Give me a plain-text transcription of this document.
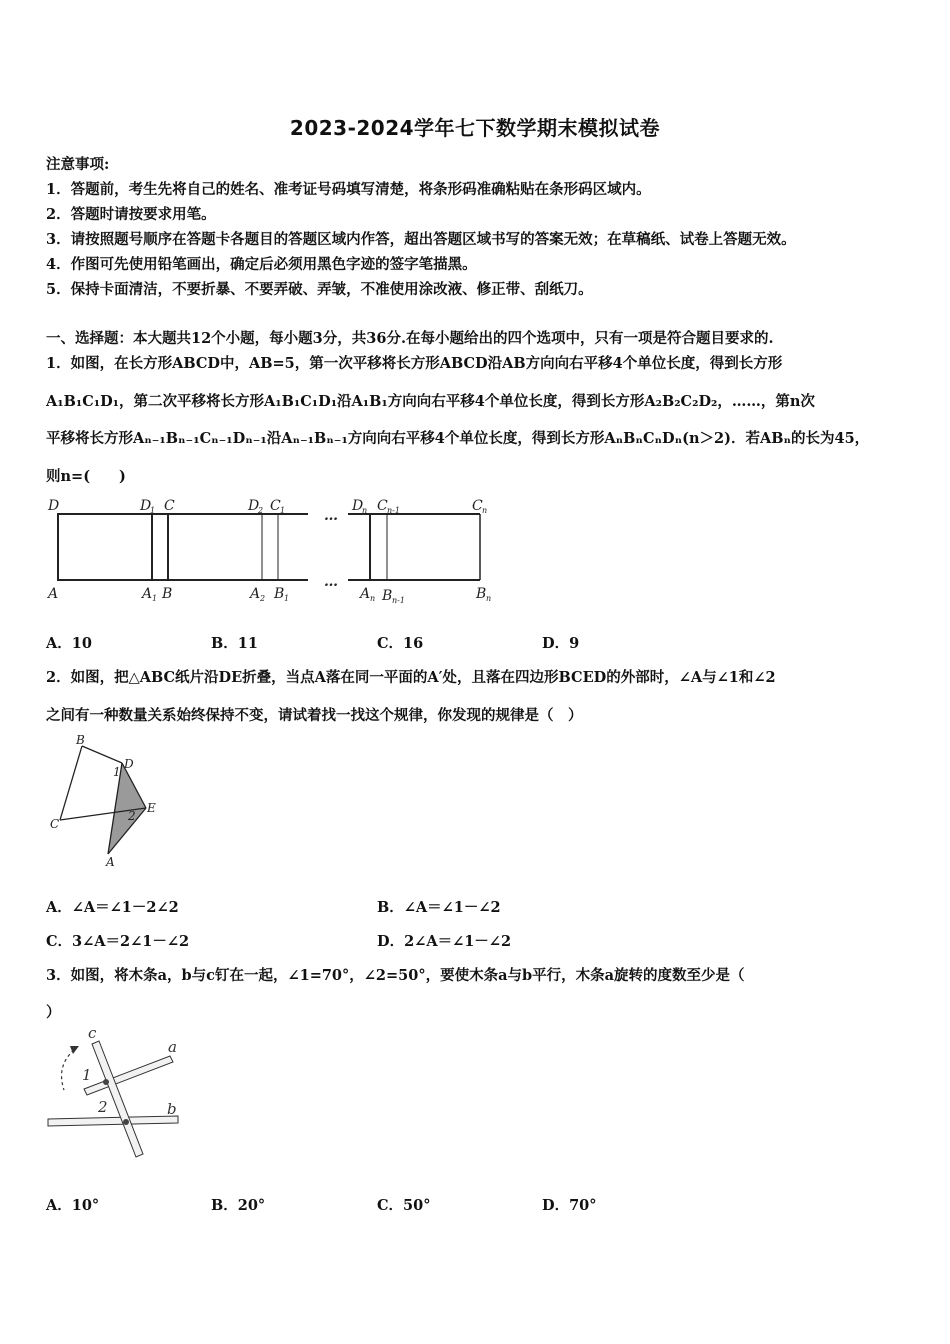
2023-2024学年七下数学期末模拟试卷
注意事项:
1．答题前，考生先将自己的姓名、准考证号码填写清楚，将条形码准确粘贴在条形码区域内。
2．答题时请按要求用笔。
3．请按照题号顺序在答题卡各题目的答题区域内作答，超出答题区域书写的答案无效；在草稿纸、试卷上答题无效。
4．作图可先使用铅笔画出，确定后必须用黑色字迹的签字笔描黑。
5．保持卡面清洁，不要折暴、不要弄破、弄皱，不准使用涂改液、修正带、刮纸刀。
一、选择题：本大题共12个小题，每小题3分，共36分.在每小题给出的四个选项中，只有一项是符合题目要求的.
1．如图，在长方形ABCD中，AB=5，第一次平移将长方形ABCD沿AB方向向右平移4个单位长度，得到长方形
A₁B₁C₁D₁，第二次平移将长方形A₁B₁C₁D₁沿A₁B₁方向向右平移4个单位长度，得到长方形A₂B₂C₂D₂，……，第n次
平移将长方形Aₙ₋₁Bₙ₋₁Cₙ₋₁Dₙ₋₁沿Aₙ₋₁Bₙ₋₁方向向右平移4个单位长度，得到长方形AₙBₙCₙDₙ(n＞2)．若ABₙ的长为45，
则n=(　　)
…
…
D	D C	D C	D C	C
A	A B	A B	A B	B
1	2 1	n n-1	n
1	2 1	n n-1	n
A．10	B．11	C．16	D．9
2．如图，把△ABC纸片沿DE折叠，当点A落在同一平面的A′处，且落在四边形BCED的外部时，∠A与∠1和∠2
之间有一种数量关系始终保持不变，请试着找一找这个规律，你发现的规律是（　）
B
D
1
E
2
C
A
A．∠A＝∠1－2∠2	B．∠A＝∠1－∠2
C．3∠A＝2∠1－∠2	D．2∠A＝∠1－∠2
3．如图，将木条a，b与c钉在一起，∠1=70°，∠2=50°，要使木条a与b平行，木条a旋转的度数至少是（
）
c
a
1
2	b
A．10°	B．20°	C．50°	D．70°
